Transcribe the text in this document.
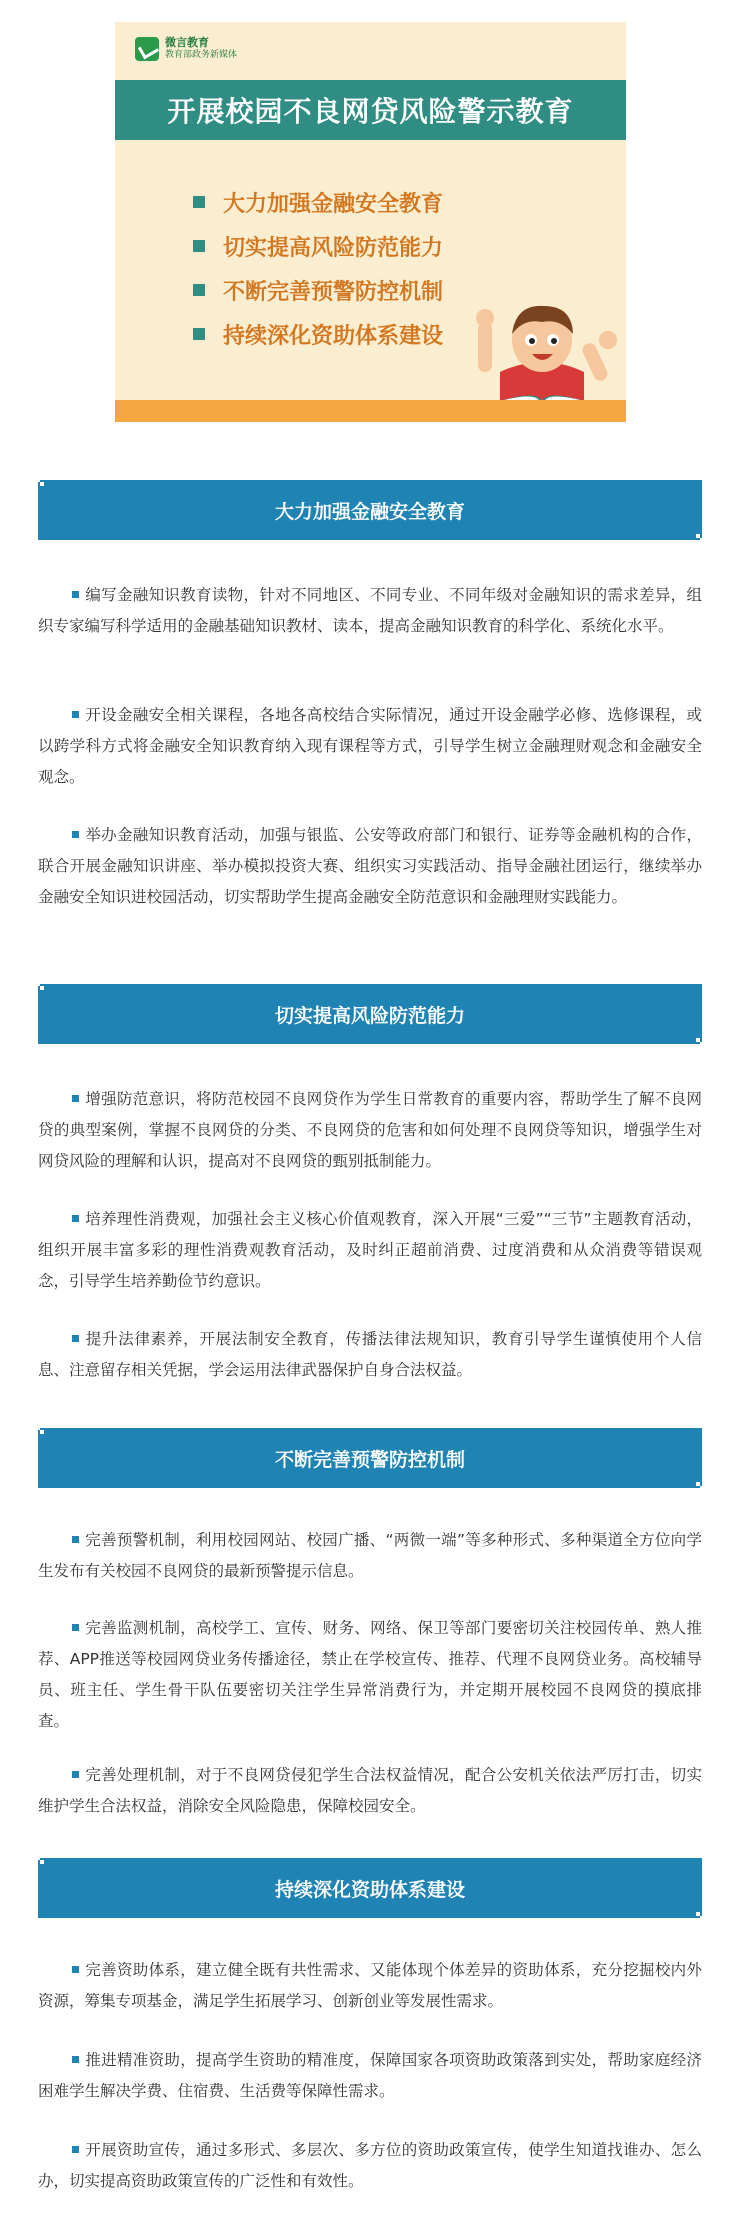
微言教育
教育部政务新媒体
开展校园不良网贷风险警示教育
大力加强金融安全教育
切实提高风险防范能力
不断完善预警防控机制
持续深化资助体系建设
大力加强金融安全教育
编写金融知识教育读物，针对不同地区、不同专业、不同年级对金融知识的需求差异，组织专家编写科学适用的金融基础知识教材、读本，提高金融知识教育的科学化、系统化水平。
开设金融安全相关课程，各地各高校结合实际情况，通过开设金融学必修、选修课程，或以跨学科方式将金融安全知识教育纳入现有课程等方式，引导学生树立金融理财观念和金融安全观念。
举办金融知识教育活动，加强与银监、公安等政府部门和银行、证券等金融机构的合作，联合开展金融知识讲座、举办模拟投资大赛、组织实习实践活动、指导金融社团运行，继续举办金融安全知识进校园活动，切实帮助学生提高金融安全防范意识和金融理财实践能力。
切实提高风险防范能力
增强防范意识，将防范校园不良网贷作为学生日常教育的重要内容，帮助学生了解不良网贷的典型案例，掌握不良网贷的分类、不良网贷的危害和如何处理不良网贷等知识，增强学生对网贷风险的理解和认识，提高对不良网贷的甄别抵制能力。
培养理性消费观，加强社会主义核心价值观教育，深入开展“三爱”“三节”主题教育活动，组织开展丰富多彩的理性消费观教育活动，及时纠正超前消费、过度消费和从众消费等错误观念，引导学生培养勤俭节约意识。
提升法律素养，开展法制安全教育，传播法律法规知识，教育引导学生谨慎使用个人信息、注意留存相关凭据，学会运用法律武器保护自身合法权益。
不断完善预警防控机制
完善预警机制，利用校园网站、校园广播、“两微一端”等多种形式、多种渠道全方位向学生发布有关校园不良网贷的最新预警提示信息。
完善监测机制，高校学工、宣传、财务、网络、保卫等部门要密切关注校园传单、熟人推荐、APP推送等校园网贷业务传播途径，禁止在学校宣传、推荐、代理不良网贷业务。高校辅导员、班主任、学生骨干队伍要密切关注学生异常消费行为，并定期开展校园不良网贷的摸底排查。
完善处理机制，对于不良网贷侵犯学生合法权益情况，配合公安机关依法严厉打击，切实维护学生合法权益，消除安全风险隐患，保障校园安全。
持续深化资助体系建设
完善资助体系，建立健全既有共性需求、又能体现个体差异的资助体系，充分挖掘校内外资源，筹集专项基金，满足学生拓展学习、创新创业等发展性需求。
推进精准资助，提高学生资助的精准度，保障国家各项资助政策落到实处，帮助家庭经济困难学生解决学费、住宿费、生活费等保障性需求。
开展资助宣传，通过多形式、多层次、多方位的资助政策宣传，使学生知道找谁办、怎么办，切实提高资助政策宣传的广泛性和有效性。
